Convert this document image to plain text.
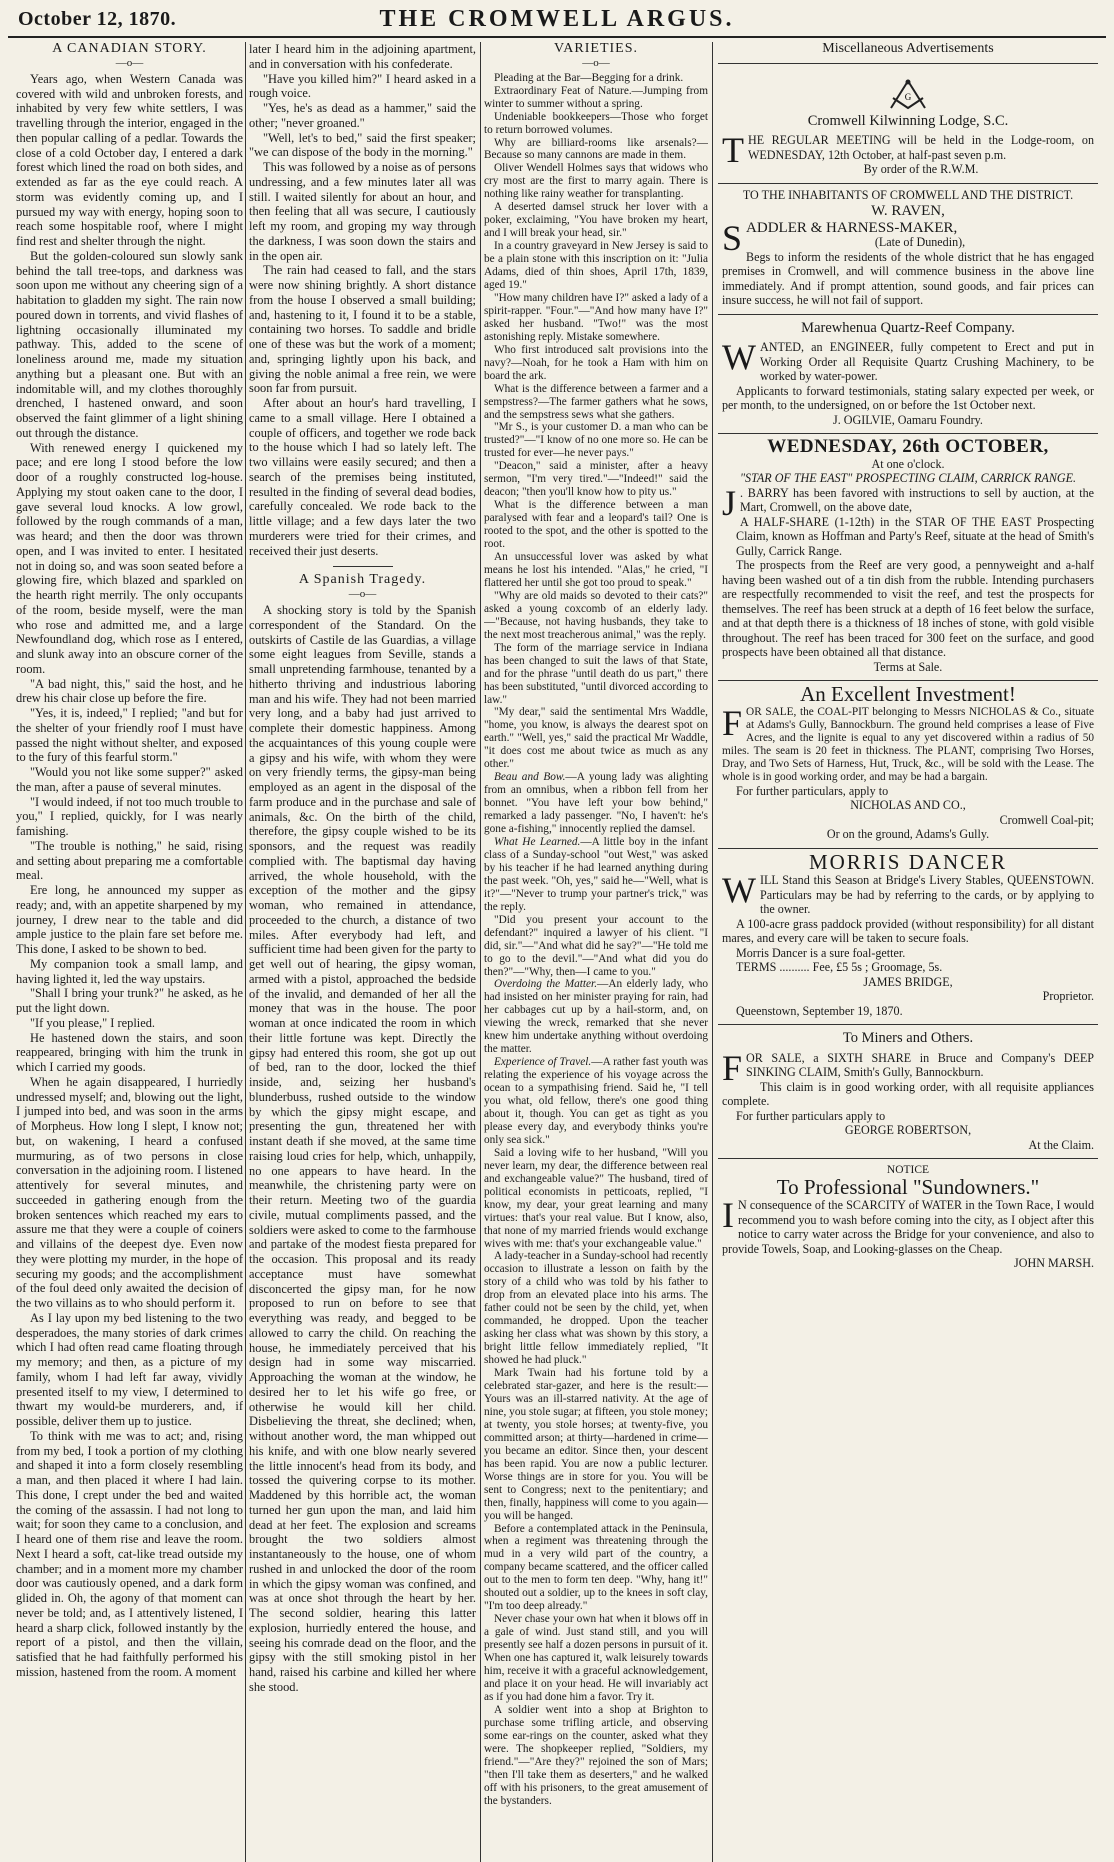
October 12, 1870.	THE CROMWELL ARGUS.
A CANADIAN STORY.
—o—

Years ago, when Western Canada was covered with wild and unbroken forests, and inhabited by very few white settlers, I was travelling through the interior, engaged in the then popular calling of a pedlar. Towards the close of a cold October day, I entered a dark forest which lined the road on both sides, and extended as far as the eye could reach. A storm was evidently coming up, and I pursued my way with energy, hoping soon to reach some hospitable roof, where I might find rest and shelter through the night.

But the golden-coloured sun slowly sank behind the tall tree-tops, and darkness was soon upon me without any cheering sign of a habitation to gladden my sight. The rain now poured down in torrents, and vivid flashes of lightning occasionally illuminated my pathway. This, added to the scene of loneliness around me, made my situation anything but a pleasant one. But with an indomitable will, and my clothes thoroughly drenched, I hastened onward, and soon observed the faint glimmer of a light shining out through the distance.

With renewed energy I quickened my pace; and ere long I stood before the low door of a roughly constructed log-house. Applying my stout oaken cane to the door, I gave several loud knocks. A low growl, followed by the rough commands of a man, was heard; and then the door was thrown open, and I was invited to enter. I hesitated not in doing so, and was soon seated before a glowing fire, which blazed and sparkled on the hearth right merrily. The only occupants of the room, beside myself, were the man who rose and admitted me, and a large Newfoundland dog, which rose as I entered, and slunk away into an obscure corner of the room.

"A bad night, this," said the host, and he drew his chair close up before the fire.

"Yes, it is, indeed," I replied; "and but for the shelter of your friendly roof I must have passed the night without shelter, and exposed to the fury of this fearful storm."

"Would you not like some supper?" asked the man, after a pause of several minutes.

"I would indeed, if not too much trouble to you," I replied, quickly, for I was nearly famishing.

"The trouble is nothing," he said, rising and setting about preparing me a comfortable meal.

Ere long, he announced my supper as ready; and, with an appetite sharpened by my journey, I drew near to the table and did ample justice to the plain fare set before me. This done, I asked to be shown to bed.

My companion took a small lamp, and having lighted it, led the way upstairs.

"Shall I bring your trunk?" he asked, as he put the light down.

"If you please," I replied.

He hastened down the stairs, and soon reappeared, bringing with him the trunk in which I carried my goods.

When he again disappeared, I hurriedly undressed myself; and, blowing out the light, I jumped into bed, and was soon in the arms of Morpheus. How long I slept, I know not; but, on wakening, I heard a confused murmuring, as of two persons in close conversation in the adjoining room. I listened attentively for several minutes, and succeeded in gathering enough from the broken sentences which reached my ears to assure me that they were a couple of coiners and villains of the deepest dye. Even now they were plotting my murder, in the hope of securing my goods; and the accomplishment of the foul deed only awaited the decision of the two villains as to who should perform it.

As I lay upon my bed listening to the two desperadoes, the many stories of dark crimes which I had often read came floating through my memory; and then, as a picture of my family, whom I had left far away, vividly presented itself to my view, I determined to thwart my would-be murderers, and, if possible, deliver them up to justice.

To think with me was to act; and, rising from my bed, I took a portion of my clothing and shaped it into a form closely resembling a man, and then placed it where I had lain. This done, I crept under the bed and waited the coming of the assassin. I had not long to wait; for soon they came to a conclusion, and I heard one of them rise and leave the room. Next I heard a soft, cat-like tread outside my chamber; and in a moment more my chamber door was cautiously opened, and a dark form glided in. Oh, the agony of that moment can never be told; and, as I attentively listened, I heard a sharp click, followed instantly by the report of a pistol, and then the villain, satisfied that he had faithfully performed his mission, hastened from the room. A moment

later I heard him in the adjoining apartment, and in conversation with his confederate.

"Have you killed him?" I heard asked in a rough voice.

"Yes, he's as dead as a hammer," said the other; "never groaned."

"Well, let's to bed," said the first speaker; "we can dispose of the body in the morning."

This was followed by a noise as of persons undressing, and a few minutes later all was still. I waited silently for about an hour, and then feeling that all was secure, I cautiously left my room, and groping my way through the darkness, I was soon down the stairs and in the open air.

The rain had ceased to fall, and the stars were now shining brightly. A short distance from the house I observed a small building; and, hastening to it, I found it to be a stable, containing two horses. To saddle and bridle one of these was but the work of a moment; and, springing lightly upon his back, and giving the noble animal a free rein, we were soon far from pursuit.

After about an hour's hard travelling, I came to a small village. Here I obtained a couple of officers, and together we rode back to the house which I had so lately left. The two villains were easily secured; and then a search of the premises being instituted, resulted in the finding of several dead bodies, carefully concealed. We rode back to the little village; and a few days later the two murderers were tried for their crimes, and received their just deserts.

A Spanish Tragedy.
—o—

A shocking story is told by the Spanish correspondent of the Standard. On the outskirts of Castile de las Guardias, a village some eight leagues from Seville, stands a small unpretending farmhouse, tenanted by a hitherto thriving and industrious laboring man and his wife. They had not been married very long, and a baby had just arrived to complete their domestic happiness. Among the acquaintances of this young couple were a gipsy and his wife, with whom they were on very friendly terms, the gipsy-man being employed as an agent in the disposal of the farm produce and in the purchase and sale of animals, &c. On the birth of the child, therefore, the gipsy couple wished to be its sponsors, and the request was readily complied with. The baptismal day having arrived, the whole household, with the exception of the mother and the gipsy woman, who remained in attendance, proceeded to the church, a distance of two miles. After everybody had left, and sufficient time had been given for the party to get well out of hearing, the gipsy woman, armed with a pistol, approached the bedside of the invalid, and demanded of her all the money that was in the house. The poor woman at once indicated the room in which their little fortune was kept. Directly the gipsy had entered this room, she got up out of bed, ran to the door, locked the thief inside, and, seizing her husband's blunderbuss, rushed outside to the window by which the gipsy might escape, and presenting the gun, threatened her with instant death if she moved, at the same time raising loud cries for help, which, unhappily, no one appears to have heard. In the meanwhile, the christening party were on their return. Meeting two of the guardia civile, mutual compliments passed, and the soldiers were asked to come to the farmhouse and partake of the modest fiesta prepared for the occasion. This proposal and its ready acceptance must have somewhat disconcerted the gipsy man, for he now proposed to run on before to see that everything was ready, and begged to be allowed to carry the child. On reaching the house, he immediately perceived that his design had in some way miscarried. Approaching the woman at the window, he desired her to let his wife go free, or otherwise he would kill her child. Disbelieving the threat, she declined; when, without another word, the man whipped out his knife, and with one blow nearly severed the little innocent's head from its body, and tossed the quivering corpse to its mother. Maddened by this horrible act, the woman turned her gun upon the man, and laid him dead at her feet. The explosion and screams brought the two soldiers almost instantaneously to the house, one of whom rushed in and unlocked the door of the room in which the gipsy woman was confined, and was at once shot through the heart by her. The second soldier, hearing this latter explosion, hurriedly entered the house, and seeing his comrade dead on the floor, and the gipsy with the still smoking pistol in her hand, raised his carbine and killed her where she stood.

VARIETIES.
—o—

Pleading at the Bar—Begging for a drink.

Extraordinary Feat of Nature.—Jumping from winter to summer without a spring.

Undeniable bookkeepers—Those who forget to return borrowed volumes.

Why are billiard-rooms like arsenals?—Because so many cannons are made in them.

Oliver Wendell Holmes says that widows who cry most are the first to marry again. There is nothing like rainy weather for transplanting.

A deserted damsel struck her lover with a poker, exclaiming, "You have broken my heart, and I will break your head, sir."

In a country graveyard in New Jersey is said to be a plain stone with this inscription on it: "Julia Adams, died of thin shoes, April 17th, 1839, aged 19."

"How many children have I?" asked a lady of a spirit-rapper. "Four."—"And how many have I?" asked her husband. "Two!" was the most astonishing reply. Mistake somewhere.

Who first introduced salt provisions into the navy?—Noah, for he took a Ham with him on board the ark.

What is the difference between a farmer and a sempstress?—The farmer gathers what he sows, and the sempstress sews what she gathers.

"Mr S., is your customer D. a man who can be trusted?"—"I know of no one more so. He can be trusted for ever—he never pays."

"Deacon," said a minister, after a heavy sermon, "I'm very tired."—"Indeed!" said the deacon; "then you'll know how to pity us."

What is the difference between a man paralysed with fear and a leopard's tail? One is rooted to the spot, and the other is spotted to the root.

An unsuccessful lover was asked by what means he lost his intended. "Alas," he cried, "I flattered her until she got too proud to speak."

"Why are old maids so devoted to their cats?" asked a young coxcomb of an elderly lady.—"Because, not having husbands, they take to the next most treacherous animal," was the reply.

The form of the marriage service in Indiana has been changed to suit the laws of that State, and for the phrase "until death do us part," there has been substituted, "until divorced according to law."

"My dear," said the sentimental Mrs Waddle, "home, you know, is always the dearest spot on earth." "Well, yes," said the practical Mr Waddle, "it does cost me about twice as much as any other."

Beau and Bow.—A young lady was alighting from an omnibus, when a ribbon fell from her bonnet. "You have left your bow behind," remarked a lady passenger. "No, I haven't: he's gone a-fishing," innocently replied the damsel.

What He Learned.—A little boy in the infant class of a Sunday-school "out West," was asked by his teacher if he had learned anything during the past week. "Oh, yes," said he—"Well, what is it?"—"Never to trump your partner's trick," was the reply.

"Did you present your account to the defendant?" inquired a lawyer of his client. "I did, sir."—"And what did he say?"—"He told me to go to the devil."—"And what did you do then?"—"Why, then—I came to you."

Overdoing the Matter.—An elderly lady, who had insisted on her minister praying for rain, had her cabbages cut up by a hail-storm, and, on viewing the wreck, remarked that she never knew him undertake anything without overdoing the matter.

Experience of Travel.—A rather fast youth was relating the experience of his voyage across the ocean to a sympathising friend. Said he, "I tell you what, old fellow, there's one good thing about it, though. You can get as tight as you please every day, and everybody thinks you're only sea sick."

Said a loving wife to her husband, "Will you never learn, my dear, the difference between real and exchangeable value?" The husband, tired of political economists in petticoats, replied, "I know, my dear, your great learning and many virtues: that's your real value. But I know, also, that none of my married friends would exchange wives with me: that's your exchangeable value."

A lady-teacher in a Sunday-school had recently occasion to illustrate a lesson on faith by the story of a child who was told by his father to drop from an elevated place into his arms. The father could not be seen by the child, yet, when commanded, he dropped. Upon the teacher asking her class what was shown by this story, a bright little fellow immediately replied, "It showed he had pluck."

Mark Twain had his fortune told by a celebrated star-gazer, and here is the result:—Yours was an ill-starred nativity. At the age of nine, you stole sugar; at fifteen, you stole money; at twenty, you stole horses; at twenty-five, you committed arson; at thirty—hardened in crime—you became an editor. Since then, your descent has been rapid. You are now a public lecturer. Worse things are in store for you. You will be sent to Congress; next to the penitentiary; and then, finally, happiness will come to you again—you will be hanged.

Before a contemplated attack in the Peninsula, when a regiment was threatening through the mud in a very wild part of the country, a company became scattered, and the officer called out to the men to form ten deep. "Why, hang it!" shouted out a soldier, up to the knees in soft clay, "I'm too deep already."

Never chase your own hat when it blows off in a gale of wind. Just stand still, and you will presently see half a dozen persons in pursuit of it. When one has captured it, walk leisurely towards him, receive it with a graceful acknowledgement, and place it on your head. He will invariably act as if you had done him a favor. Try it.

A soldier went into a shop at Brighton to purchase some trifling article, and observing some ear-rings on the counter, asked what they were. The shopkeeper replied, "Soldiers, my friend."—"Are they?" rejoined the son of Mars; "then I'll take them as deserters," and he walked off with his prisoners, to the great amusement of the bystanders.

Miscellaneous Advertisements
G
Cromwell Kilwinning Lodge, S.C.

THE REGULAR MEETING will be held in the Lodge-room, on WEDNESDAY, 12th October, at half-past seven p.m.

By order of the R.W.M.

TO THE INHABITANTS OF CROMWELL AND THE DISTRICT.

W. RAVEN,

SADDLER & HARNESS-MAKER,

(Late of Dunedin),

Begs to inform the residents of the whole district that he has engaged premises in Cromwell, and will commence business in the above line immediately. And if prompt attention, sound goods, and fair prices can insure success, he will not fail of support.

Marewhenua Quartz-Reef Company.

WANTED, an ENGINEER, fully competent to Erect and put in Working Order all Requisite Quartz Crushing Machinery, to be worked by water-power.

Applicants to forward testimonials, stating salary expected per week, or per month, to the undersigned, on or before the 1st October next.

J. OGILVIE, Oamaru Foundry.

WEDNESDAY, 26th OCTOBER,

At one o'clock.

"STAR OF THE EAST" PROSPECTING CLAIM, CARRICK RANGE.

J . BARRY has been favored with instructions to sell by auction, at the Mart, Cromwell, on the above date,

A HALF-SHARE (1-12th) in the STAR OF THE EAST Prospecting Claim, known as Hoffman and Party's Reef, situate at the head of Smith's Gully, Carrick Range.

The prospects from the Reef are very good, a pennyweight and a-half having been washed out of a tin dish from the rubble. Intending purchasers are respectfully recommended to visit the reef, and test the prospects for themselves. The reef has been struck at a depth of 16 feet below the surface, and at that depth there is a thickness of 18 inches of stone, with gold visible throughout. The reef has been traced for 300 feet on the surface, and good prospects have been obtained all that distance.

Terms at Sale.

An Excellent Investment!

FOR SALE, the COAL-PIT belonging to Messrs NICHOLAS & Co., situate at Adams's Gully, Bannockburn. The ground held comprises a lease of Five Acres, and the lignite is equal to any yet discovered within a radius of 50 miles. The seam is 20 feet in thickness. The PLANT, comprising Two Horses, Dray, and Two Sets of Harness, Hut, Truck, &c., will be sold with the Lease. The whole is in good working order, and may be had a bargain.

For further particulars, apply to

NICHOLAS AND CO.,

Cromwell Coal-pit;

Or on the ground, Adams's Gully.

MORRIS DANCER

WILL Stand this Season at Bridge's Livery Stables, QUEENSTOWN. Particulars may be had by referring to the cards, or by applying to the owner.

A 100-acre grass paddock provided (without responsibility) for all distant mares, and every care will be taken to secure foals.

Morris Dancer is a sure foal-getter.

TERMS .......... Fee, £5 5s ; Groomage, 5s.

JAMES BRIDGE,

Proprietor.

Queenstown, September 19, 1870.

To Miners and Others.

FOR SALE, a SIXTH SHARE in Bruce and Company's DEEP SINKING CLAIM, Smith's Gully, Bannockburn.

This claim is in good working order, with all requisite appliances complete.

For further particulars apply to

GEORGE ROBERTSON,

At the Claim.

NOTICE

To Professional "Sundowners."

I N consequence of the SCARCITY of WATER in the Town Race, I would recommend you to wash before coming into the city, as I object after this notice to carry water across the Bridge for your convenience, and also to provide Towels, Soap, and Looking-glasses on the Cheap.

JOHN MARSH.
